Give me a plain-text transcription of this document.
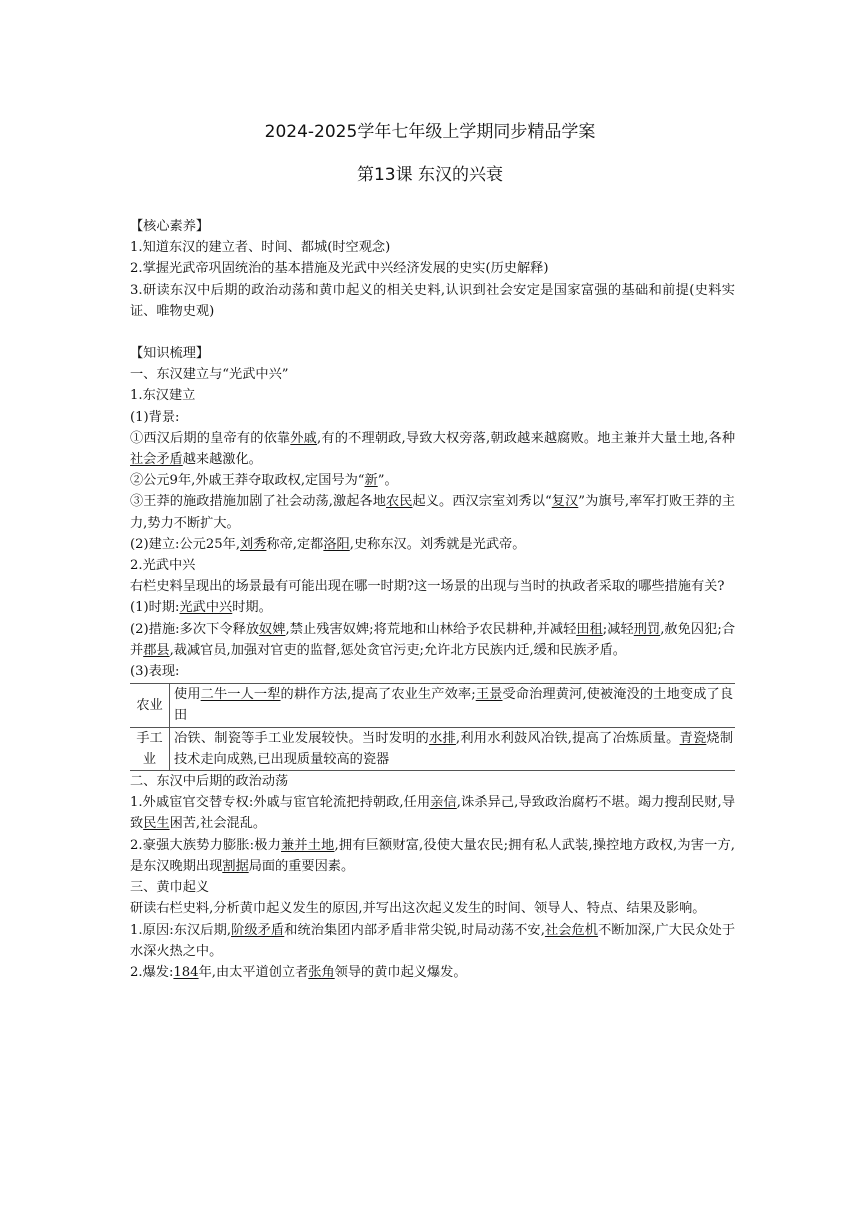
2024-2025学年七年级上学期同步精品学案
第13课 东汉的兴衰

【核心素养】

1.知道东汉的建立者、时间、都城(时空观念)

2.掌握光武帝巩固统治的基本措施及光武中兴经济发展的史实(历史解释)

3.研读东汉中后期的政治动荡和黄巾起义的相关史料,认识到社会安定是国家富强的基础和前提(史料实证、唯物史观)

【知识梳理】

一、东汉建立与“光武中兴”

1.东汉建立

(1)背景:

①西汉后期的皇帝有的依靠外戚,有的不理朝政,导致大权旁落,朝政越来越腐败。地主兼并大量土地,各种社会矛盾越来越激化。

②公元9年,外戚王莽夺取政权,定国号为“新”。

③王莽的施政措施加剧了社会动荡,激起各地农民起义。西汉宗室刘秀以“复汉”为旗号,率军打败王莽的主力,势力不断扩大。

(2)建立:公元25年,刘秀称帝,定都洛阳,史称东汉。刘秀就是光武帝。

2.光武中兴

右栏史料呈现出的场景最有可能出现在哪一时期?这一场景的出现与当时的执政者采取的哪些措施有关?

(1)时期:光武中兴时期。

(2)措施:多次下令释放奴婢,禁止残害奴婢;将荒地和山林给予农民耕种,并减轻田租;减轻刑罚,赦免囚犯;合并郡县,裁减官员,加强对官吏的监督,惩处贪官污吏;允许北方民族内迁,缓和民族矛盾。

(3)表现:

农业	使用二牛一人一犁的耕作方法,提高了农业生产效率;王景受命治理黄河,使被淹没的土地变成了良田
手工业	冶铁、制瓷等手工业发展较快。当时发明的水排,利用水利鼓风冶铁,提高了冶炼质量。青瓷烧制技术走向成熟,已出现质量较高的瓷器

二、东汉中后期的政治动荡

1.外戚宦官交替专权:外戚与宦官轮流把持朝政,任用亲信,诛杀异己,导致政治腐朽不堪。竭力搜刮民财,导致民生困苦,社会混乱。

2.豪强大族势力膨胀:极力兼并土地,拥有巨额财富,役使大量农民;拥有私人武装,操控地方政权,为害一方,是东汉晚期出现割据局面的重要因素。

三、黄巾起义

研读右栏史料,分析黄巾起义发生的原因,并写出这次起义发生的时间、领导人、特点、结果及影响。

1.原因:东汉后期,阶级矛盾和统治集团内部矛盾非常尖锐,时局动荡不安,社会危机不断加深,广大民众处于水深火热之中。

2.爆发:184年,由太平道创立者张角领导的黄巾起义爆发。
